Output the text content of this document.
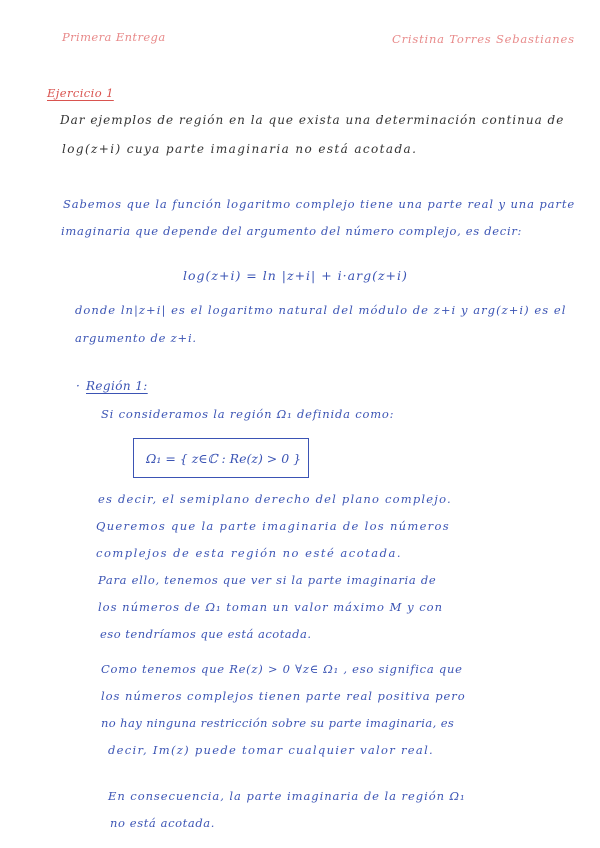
Primera Entrega	Cristina Torres Sebastianes
Ejercicio 1
Dar ejemplos de región en la que exista una determinación continua de
log(z+i) cuya parte imaginaria no está acotada.
Sabemos que la función logaritmo complejo tiene una parte real y una parte
imaginaria que depende del argumento del número complejo, es decir:
log(z+i) = ln |z+i| + i·arg(z+i)
donde ln|z+i| es el logaritmo natural del módulo de z+i y arg(z+i) es el
argumento de z+i.
· Región 1:
Si consideramos la región Ω₁ definida como:
Ω₁ = { z∈ℂ : Re(z) > 0 }
es decir, el semiplano derecho del plano complejo.
Queremos que la parte imaginaria de los números
complejos de esta región no esté acotada.
Para ello, tenemos que ver si la parte imaginaria de
los números de Ω₁ toman un valor máximo M y con
eso tendríamos que está acotada.
Como tenemos que Re(z) > 0 ∀z∈ Ω₁ , eso significa que
los números complejos tienen parte real positiva pero
no hay ninguna restricción sobre su parte imaginaria, es
decir, Im(z) puede tomar cualquier valor real.
En consecuencia, la parte imaginaria de la región Ω₁
no está acotada.
